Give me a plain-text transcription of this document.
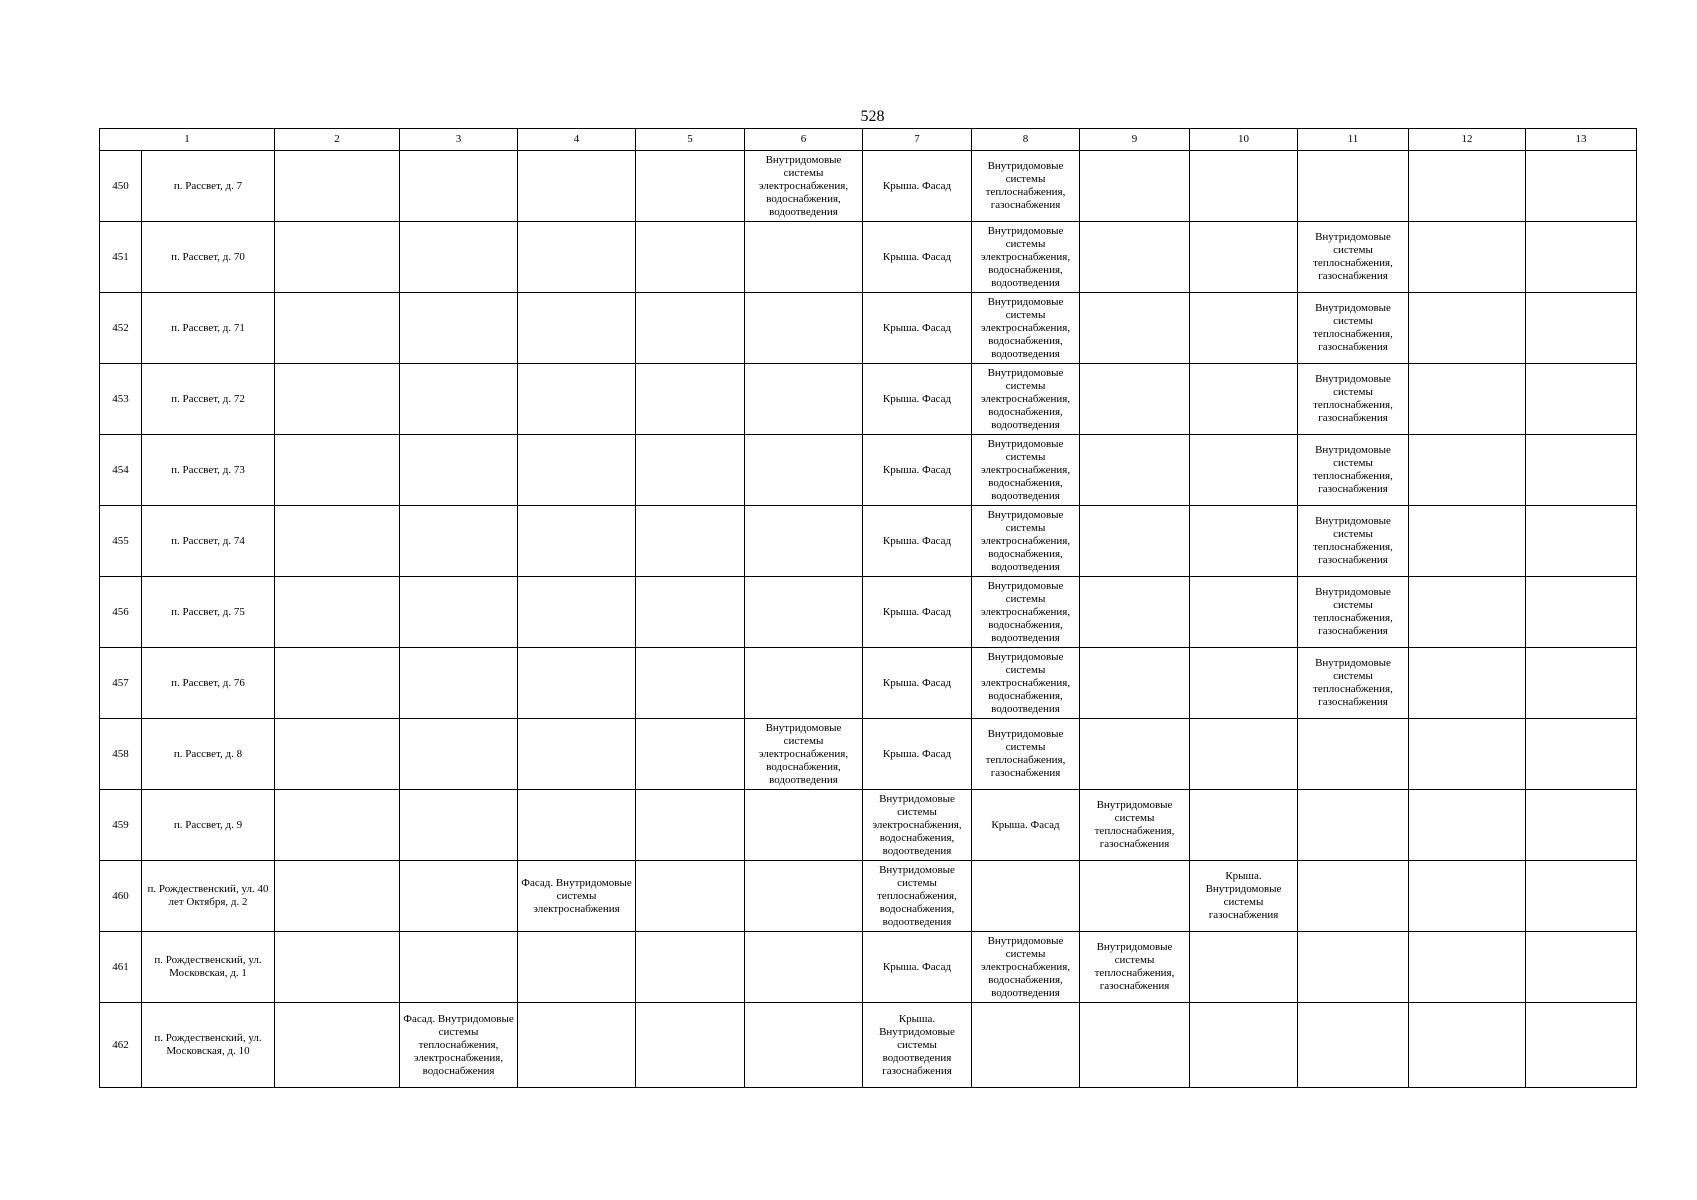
528
1		2	3	4	5	6	7	8	9	10	11	12	13
450	п. Рассвет, д. 7					Внутридомовые системы электроснабжения, водоснабжения, водоотведения	Крыша. Фасад	Внутридомовые системы теплоснабжения, газоснабжения					
451	п. Рассвет, д. 70						Крыша. Фасад	Внутридомовые системы электроснабжения, водоснабжения, водоотведения			Внутридомовые системы теплоснабжения, газоснабжения		
452	п. Рассвет, д. 71						Крыша. Фасад	Внутридомовые системы электроснабжения, водоснабжения, водоотведения			Внутридомовые системы теплоснабжения, газоснабжения		
453	п. Рассвет, д. 72						Крыша. Фасад	Внутридомовые системы электроснабжения, водоснабжения, водоотведения			Внутридомовые системы теплоснабжения, газоснабжения		
454	п. Рассвет, д. 73						Крыша. Фасад	Внутридомовые системы электроснабжения, водоснабжения, водоотведения			Внутридомовые системы теплоснабжения, газоснабжения		
455	п. Рассвет, д. 74						Крыша. Фасад	Внутридомовые системы электроснабжения, водоснабжения, водоотведения			Внутридомовые системы теплоснабжения, газоснабжения		
456	п. Рассвет, д. 75						Крыша. Фасад	Внутридомовые системы электроснабжения, водоснабжения, водоотведения			Внутридомовые системы теплоснабжения, газоснабжения		
457	п. Рассвет, д. 76						Крыша. Фасад	Внутридомовые системы электроснабжения, водоснабжения, водоотведения			Внутридомовые системы теплоснабжения, газоснабжения		
458	п. Рассвет, д. 8					Внутридомовые системы электроснабжения, водоснабжения, водоотведения	Крыша. Фасад	Внутридомовые системы теплоснабжения, газоснабжения					
459	п. Рассвет, д. 9						Внутридомовые системы электроснабжения, водоснабжения, водоотведения	Крыша. Фасад	Внутридомовые системы теплоснабжения, газоснабжения				
460	п. Рождественский, ул. 40 лет Октября, д. 2			Фасад. Внутридомовые системы электроснабжения			Внутридомовые системы теплоснабжения, водоснабжения, водоотведения			Крыша. Внутридомовые системы газоснабжения			
461	п. Рождественский, ул. Московская, д. 1						Крыша. Фасад	Внутридомовые системы электроснабжения, водоснабжения, водоотведения	Внутридомовые системы теплоснабжения, газоснабжения				
462	п. Рождественский, ул. Московская, д. 10		Фасад. Внутридомовые системы теплоснабжения, электроснабжения, водоснабжения				Крыша. Внутридомовые системы водоотведения газоснабжения						
